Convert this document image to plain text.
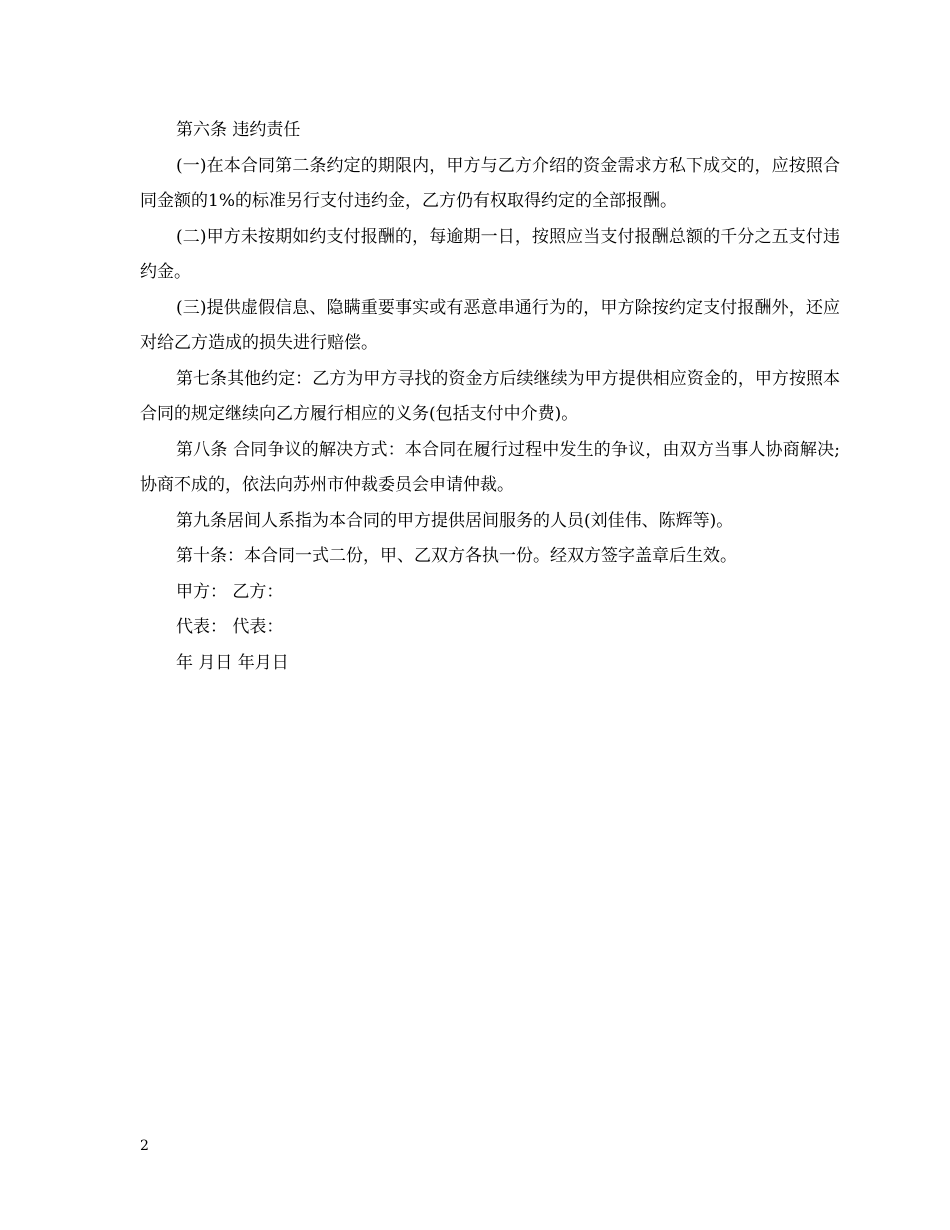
第六条 违约责任

(一)在本合同第二条约定的期限内，甲方与乙方介绍的资金需求方私下成交的，应按照合同金额的1%的标准另行支付违约金，乙方仍有权取得约定的全部报酬。

(二)甲方未按期如约支付报酬的，每逾期一日，按照应当支付报酬总额的千分之五支付违约金。

(三)提供虚假信息、隐瞒重要事实或有恶意串通行为的，甲方除按约定支付报酬外，还应对给乙方造成的损失进行赔偿。

第七条其他约定：乙方为甲方寻找的资金方后续继续为甲方提供相应资金的，甲方按照本合同的规定继续向乙方履行相应的义务(包括支付中介费)。

第八条 合同争议的解决方式：本合同在履行过程中发生的争议，由双方当事人协商解决;协商不成的，依法向苏州市仲裁委员会申请仲裁。

第九条居间人系指为本合同的甲方提供居间服务的人员(刘佳伟、陈辉等)。

第十条：本合同一式二份，甲、乙双方各执一份。经双方签字盖章后生效。

甲方： 乙方：

代表： 代表：

年 月日 年月日

2
